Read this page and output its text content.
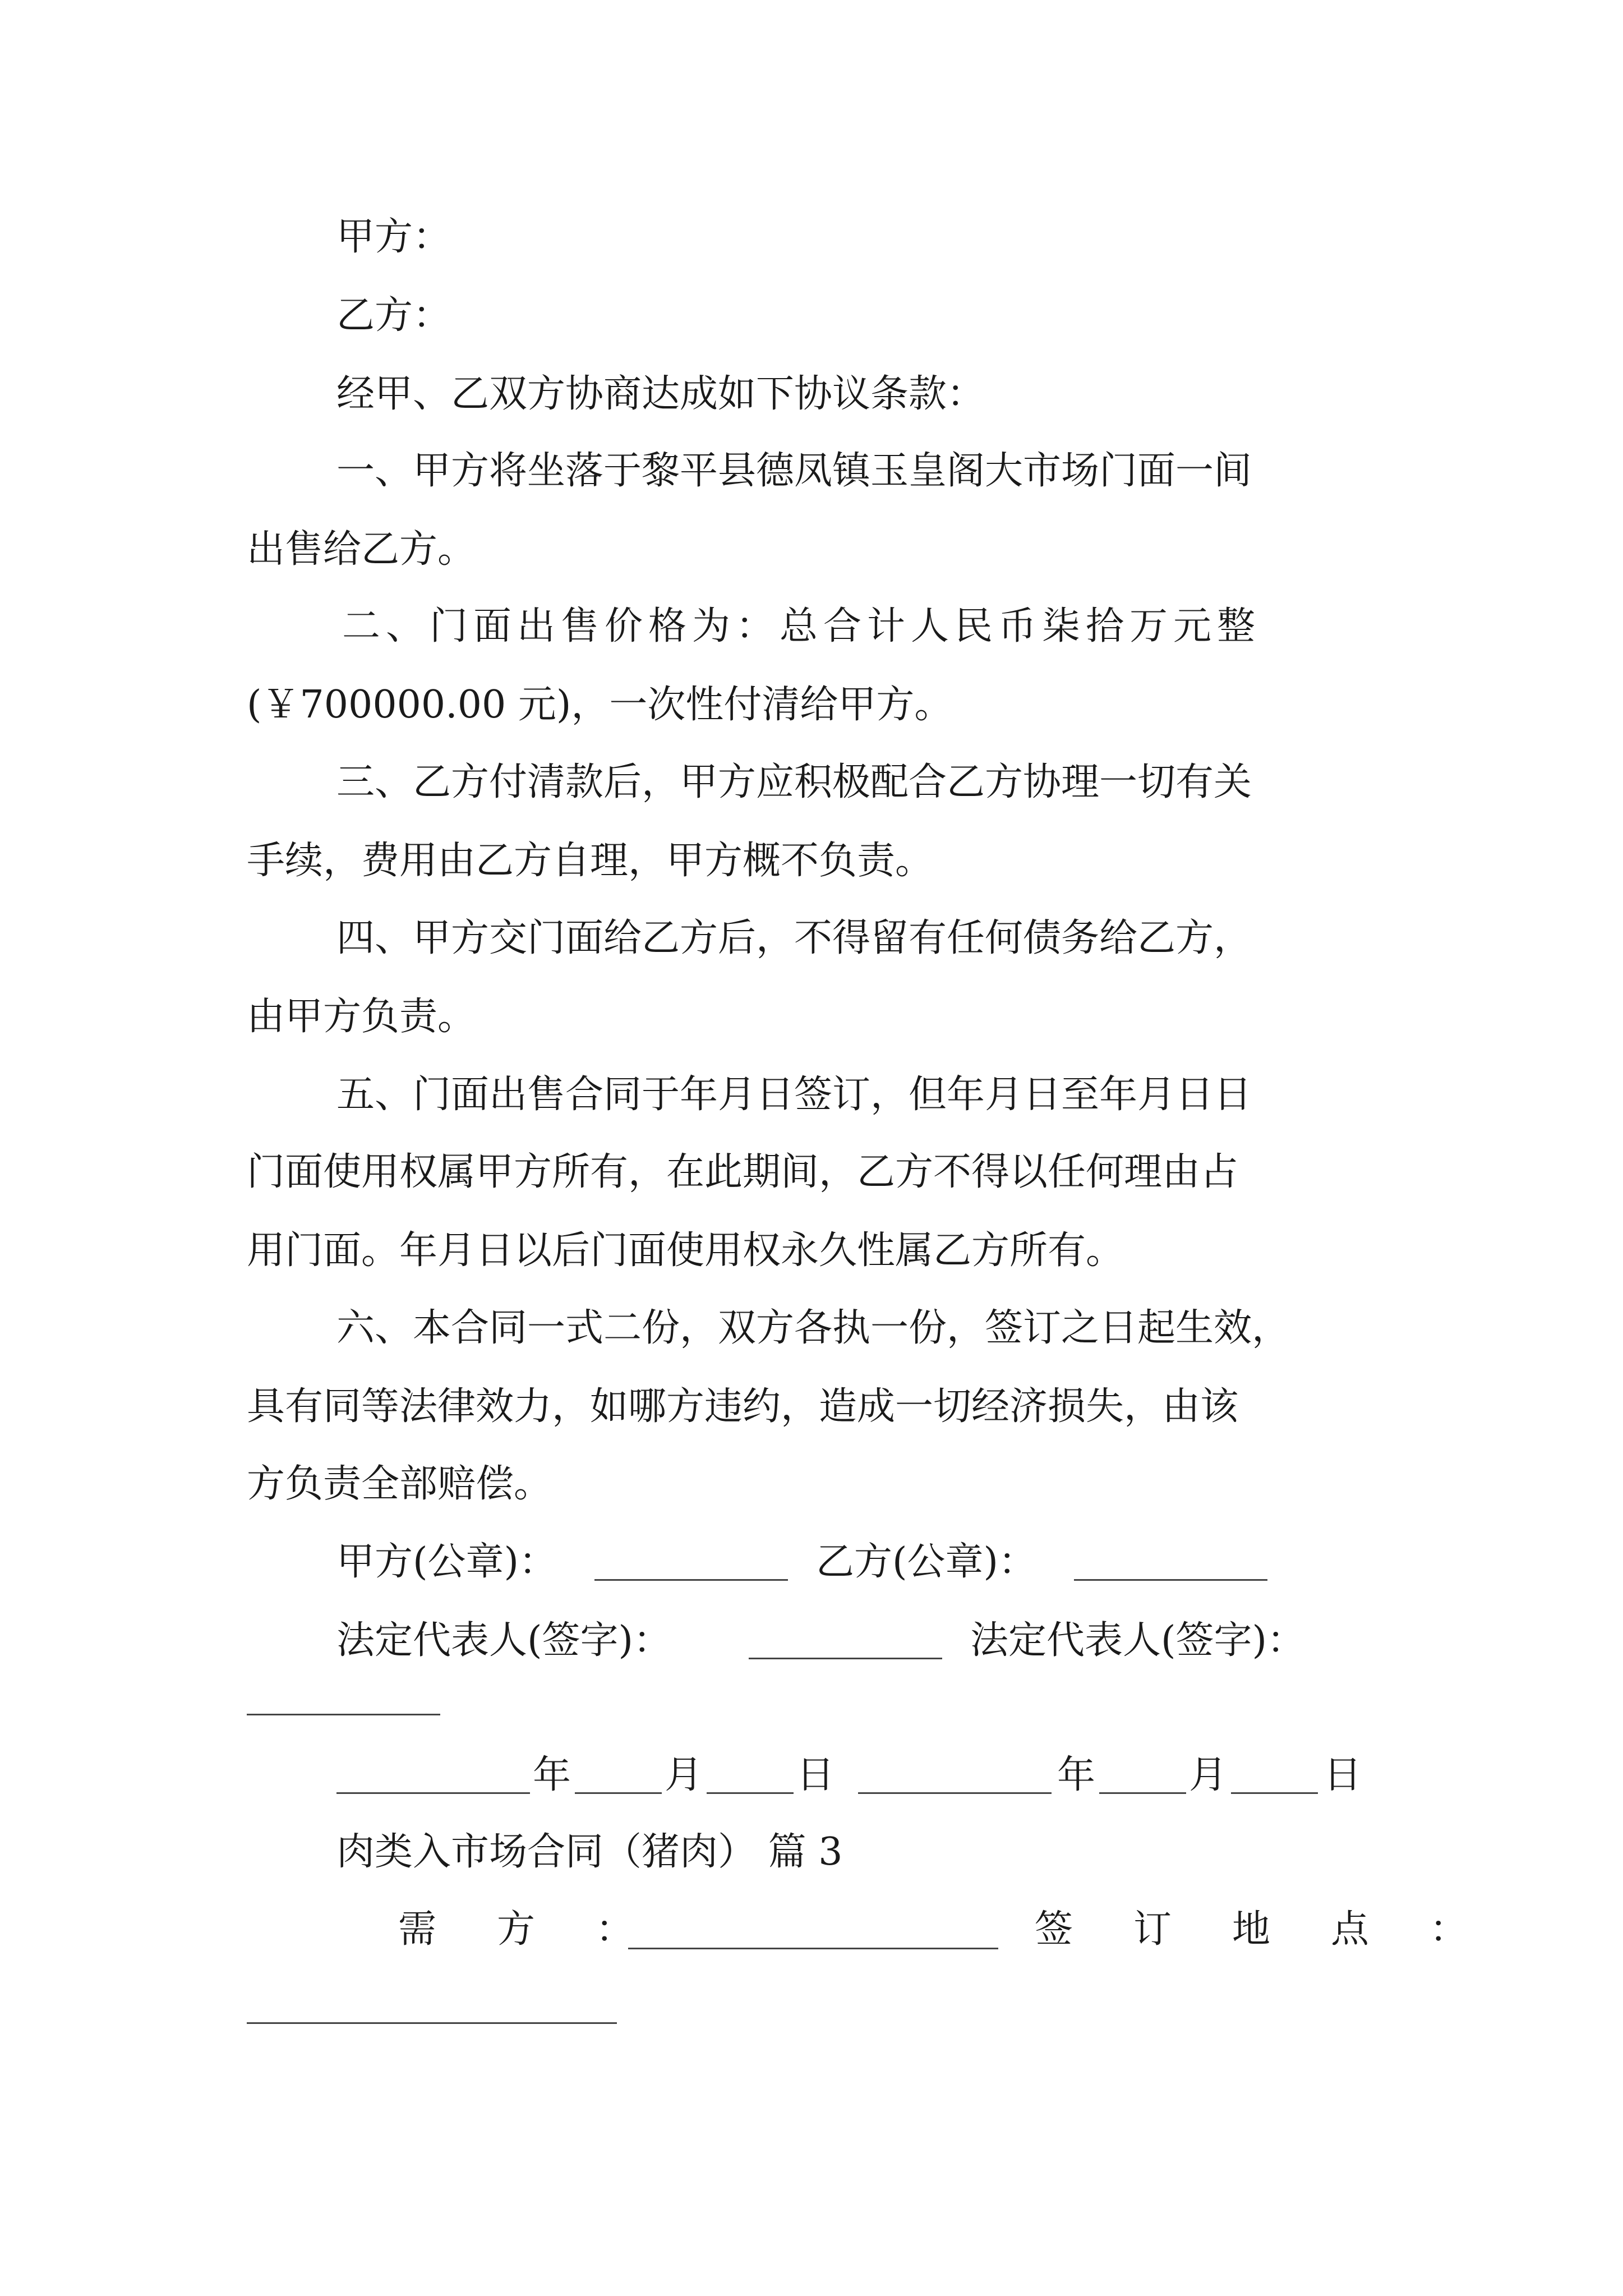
甲方：
乙方：
经甲、乙双方协商达成如下协议条款：
一、甲方将坐落于黎平县德凤镇玉皇阁大市场门面一间
出售给乙方。
二、门面出售价格为：总合计人民币柒拾万元整
(￥700000.00 元)，一次性付清给甲方。
三、乙方付清款后，甲方应积极配合乙方协理一切有关
手续，费用由乙方自理，甲方概不负责。
四、甲方交门面给乙方后，不得留有任何债务给乙方，
由甲方负责。
五、门面出售合同于年月日签订，但年月日至年月日日
门面使用权属甲方所有，在此期间，乙方不得以任何理由占
用门面。年月日以后门面使用权永久性属乙方所有。
六、本合同一式二份，双方各执一份，签订之日起生效，
具有同等法律效力，如哪方违约，造成一切经济损失，由该
方负责全部赔偿。
甲方(公章)：	乙方(公章)：
法定代表人(签字)：	法定代表人(签字)：
年 月 日	年 月	日
肉类入市场合同（猪肉） 篇 3
需　方　：	签　订　地　点　：
